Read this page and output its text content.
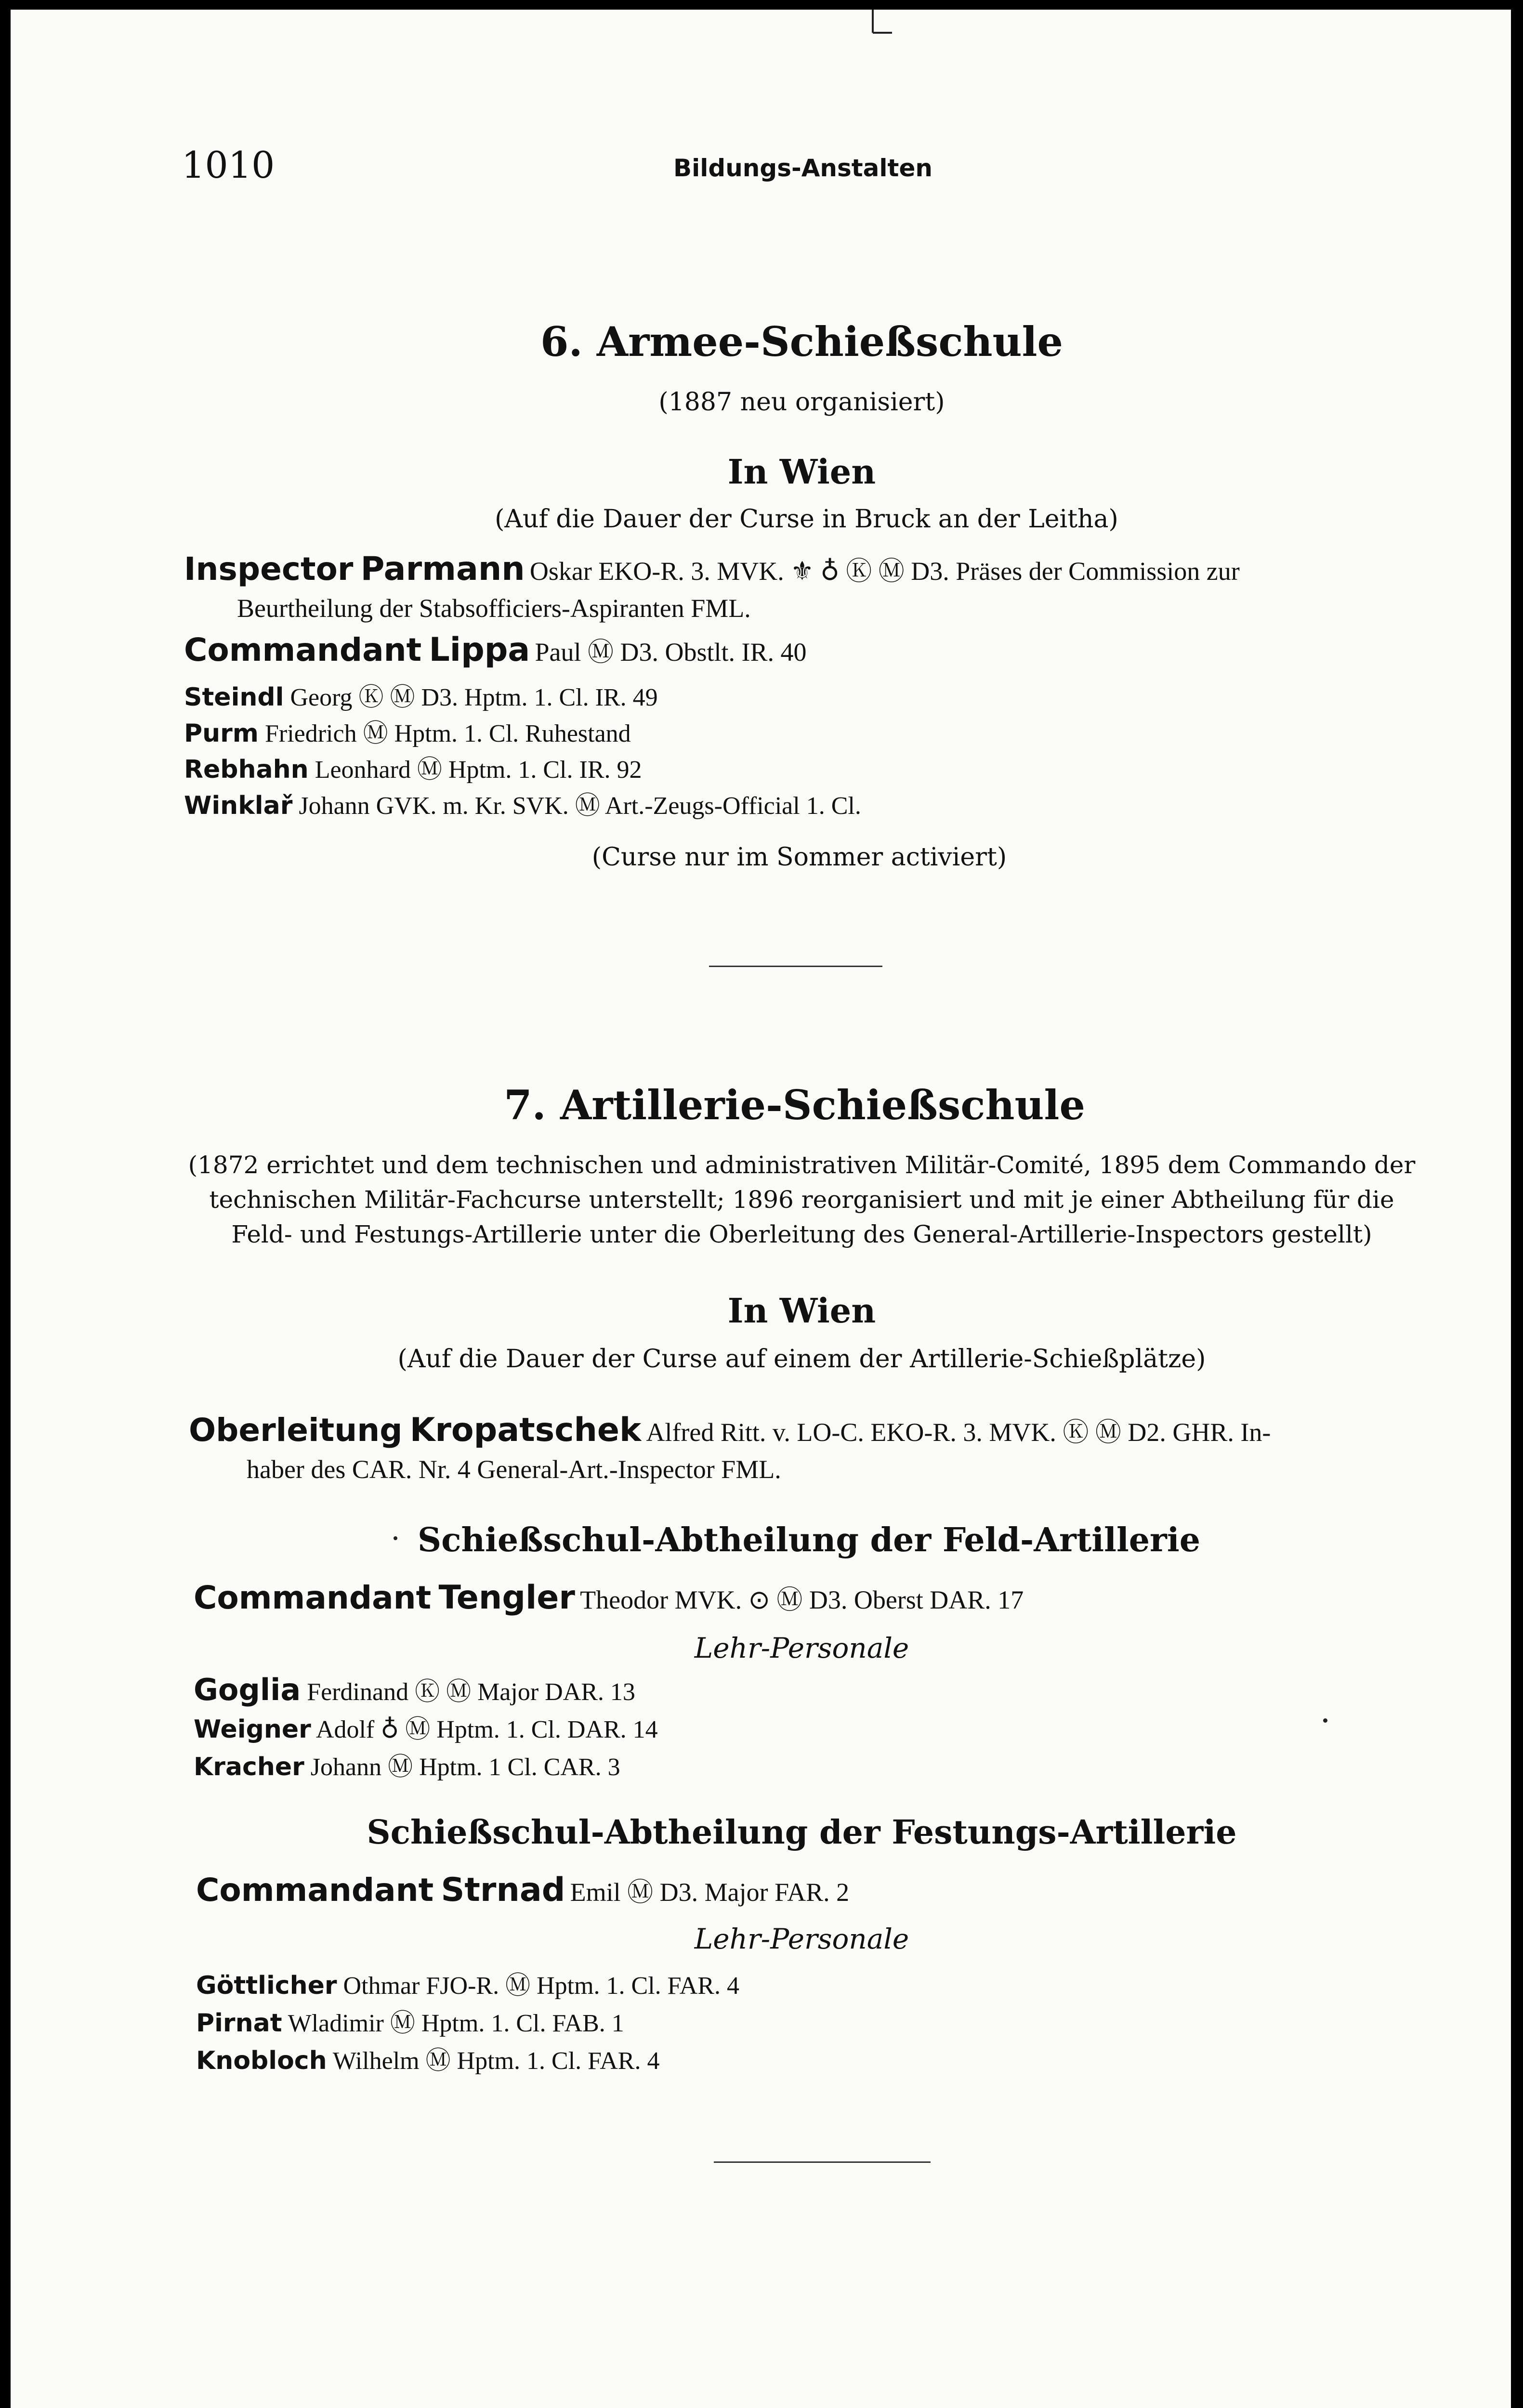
1010	Bildungs-Anstalten
6. Armee-Schießschule
(1887 neu organisiert)
In Wien
(Auf die Dauer der Curse in Bruck an der Leitha)
Inspector Parmann Oskar EKO-R. 3. MVK. ⚜ ♁ Ⓚ Ⓜ D3. Präses der Commission zur
Beurtheilung der Stabsofficiers-Aspiranten FML.
Commandant Lippa Paul Ⓜ D3. Obstlt. IR. 40
Steindl Georg Ⓚ Ⓜ D3. Hptm. 1. Cl. IR. 49
Purm Friedrich Ⓜ Hptm. 1. Cl. Ruhestand
Rebhahn Leonhard Ⓜ Hptm. 1. Cl. IR. 92
Winklař Johann GVK. m. Kr. SVK. Ⓜ Art.-Zeugs-Official 1. Cl.
(Curse nur im Sommer activiert)
7. Artillerie-Schießschule
(1872 errichtet und dem technischen und administrativen Militär-Comité, 1895 dem Commando der
technischen Militär-Fachcurse unterstellt; 1896 reorganisiert und mit je einer Abtheilung für die
Feld- und Festungs-Artillerie unter die Oberleitung des General-Artillerie-Inspectors gestellt)
In Wien
(Auf die Dauer der Curse auf einem der Artillerie-Schießplätze)
Oberleitung Kropatschek Alfred Ritt. v. LO-C. EKO-R. 3. MVK. Ⓚ Ⓜ D2. GHR. In-
haber des CAR. Nr. 4 General-Art.-Inspector FML.
Schießschul-Abtheilung der Feld-Artillerie
Commandant Tengler Theodor MVK. ⊙ Ⓜ D3. Oberst DAR. 17
Lehr-Personale
Goglia Ferdinand Ⓚ Ⓜ Major DAR. 13
Weigner Adolf ♁ Ⓜ Hptm. 1. Cl. DAR. 14
Kracher Johann Ⓜ Hptm. 1 Cl. CAR. 3
Schießschul-Abtheilung der Festungs-Artillerie
Commandant Strnad Emil Ⓜ D3. Major FAR. 2
Lehr-Personale
Göttlicher Othmar FJO-R. Ⓜ Hptm. 1. Cl. FAR. 4
Pirnat Wladimir Ⓜ Hptm. 1. Cl. FAB. 1
Knobloch Wilhelm Ⓜ Hptm. 1. Cl. FAR. 4
